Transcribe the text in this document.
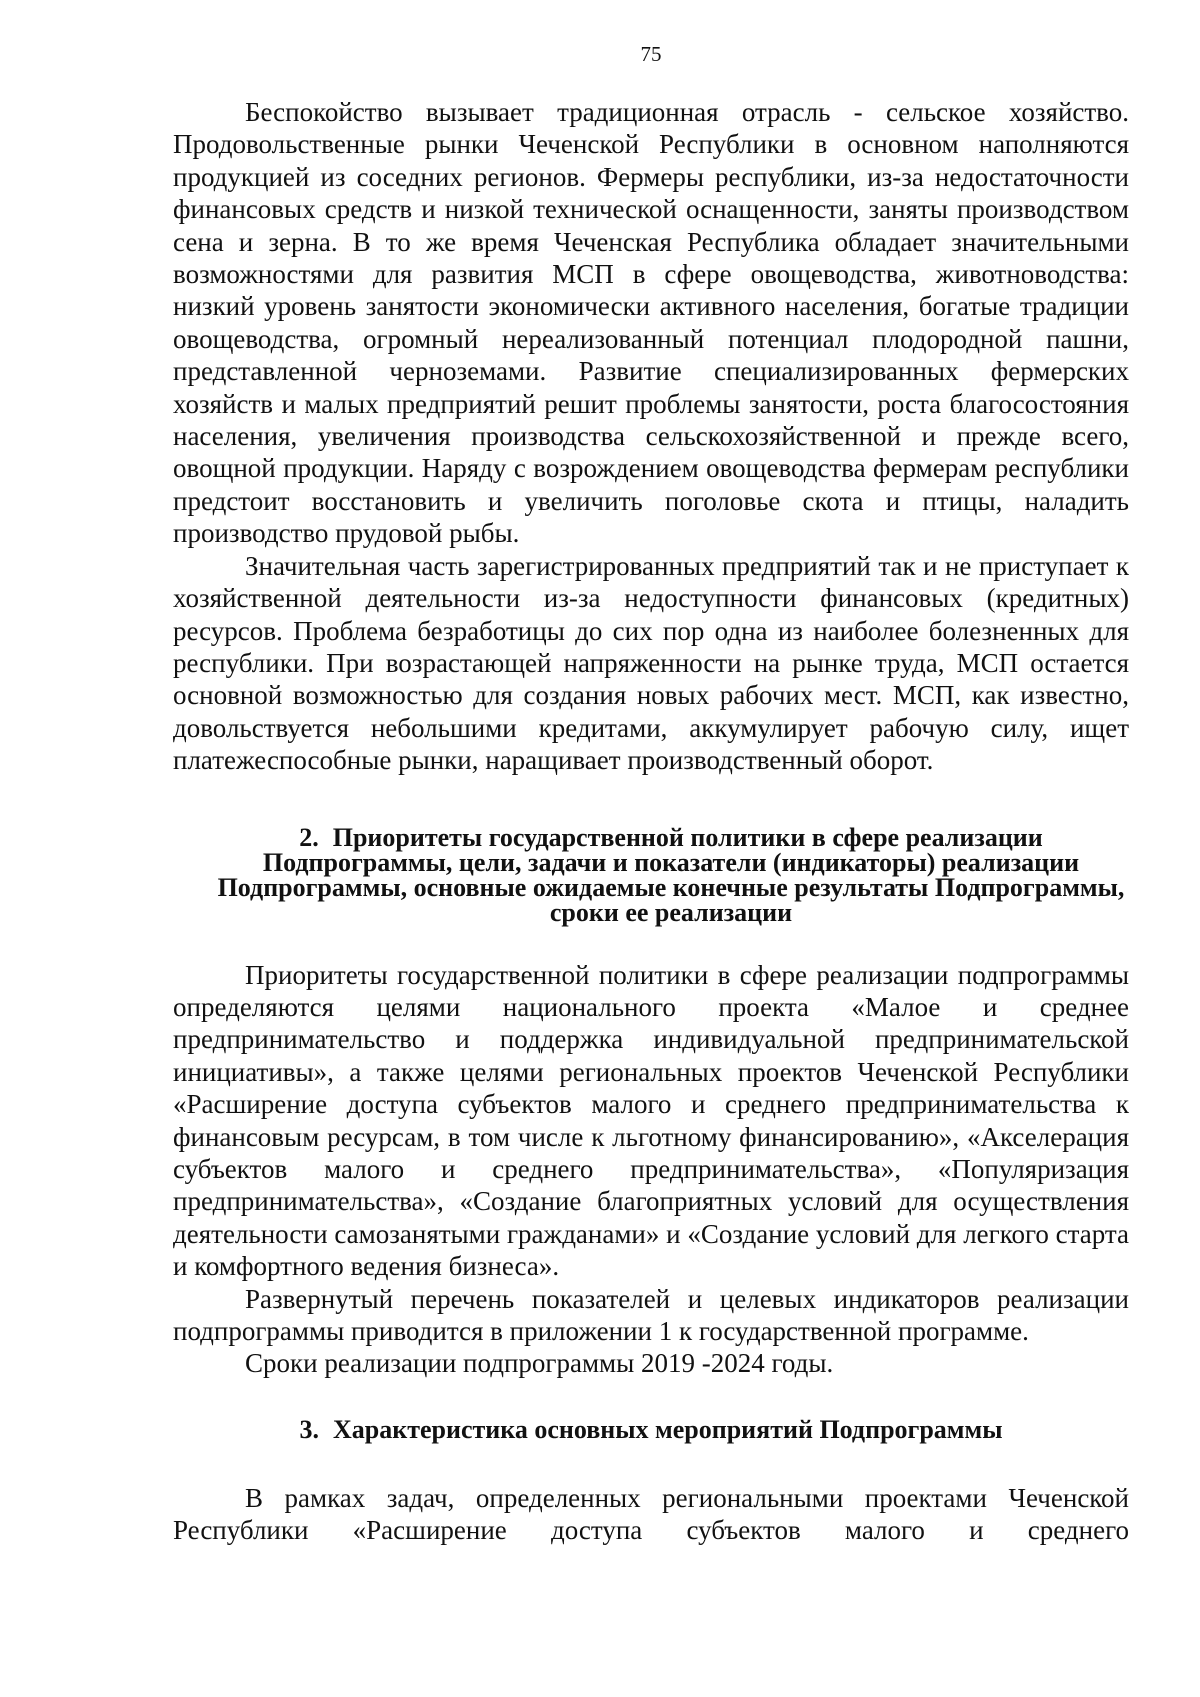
75

Беспокойство вызывает традиционная отрасль - сельское хозяйство. Продовольственные рынки Чеченской Республики в основном наполняются продукцией из соседних регионов. Фермеры республики, из-за недостаточности финансовых средств и низкой технической оснащенности, заняты производством сена и зерна. В то же время Чеченская Республика обладает значительными возможностями для развития МСП в сфере овощеводства, животноводства: низкий уровень занятости экономически активного населения, богатые традиции овощеводства, огромный нереализованный потенциал плодородной пашни, представленной черноземами. Развитие специализированных фермерских хозяйств и малых предприятий решит проблемы занятости, роста благосостояния населения, увеличения производства сельскохозяйственной и прежде всего, овощной продукции. Наряду с возрождением овощеводства фермерам республики предстоит восстановить и увеличить поголовье скота и птицы, наладить производство прудовой рыбы.

Значительная часть зарегистрированных предприятий так и не приступает к хозяйственной деятельности из-за недоступности финансовых (кредитных) ресурсов. Проблема безработицы до сих пор одна из наиболее болезненных для республики. При возрастающей напряженности на рынке труда, МСП остается основной возможностью для создания новых рабочих мест. МСП, как известно, довольствуется небольшими кредитами, аккумулирует рабочую силу, ищет платежеспособные рынки, наращивает производственный оборот.

2. Приоритеты государственной политики в сфере реализации Подпрограммы, цели, задачи и показатели (индикаторы) реализации Подпрограммы, основные ожидаемые конечные результаты Подпрограммы, сроки ее реализации

Приоритеты государственной политики в сфере реализации подпрограммы определяются целями национального проекта «Малое и среднее предпринимательство и поддержка индивидуальной предпринимательской инициативы», а также целями региональных проектов Чеченской Республики «Расширение доступа субъектов малого и среднего предпринимательства к финансовым ресурсам, в том числе к льготному финансированию», «Акселерация субъектов малого и среднего предпринимательства», «Популяризация предпринимательства», «Создание благоприятных условий для осуществления деятельности самозанятыми гражданами» и «Создание условий для легкого старта и комфортного ведения бизнеса».

Развернутый перечень показателей и целевых индикаторов реализации подпрограммы приводится в приложении 1 к государственной программе.

Сроки реализации подпрограммы 2019 -2024 годы.

3. Характеристика основных мероприятий Подпрограммы

В рамках задач, определенных региональными проектами Чеченской Республики «Расширение доступа субъектов малого и среднего
